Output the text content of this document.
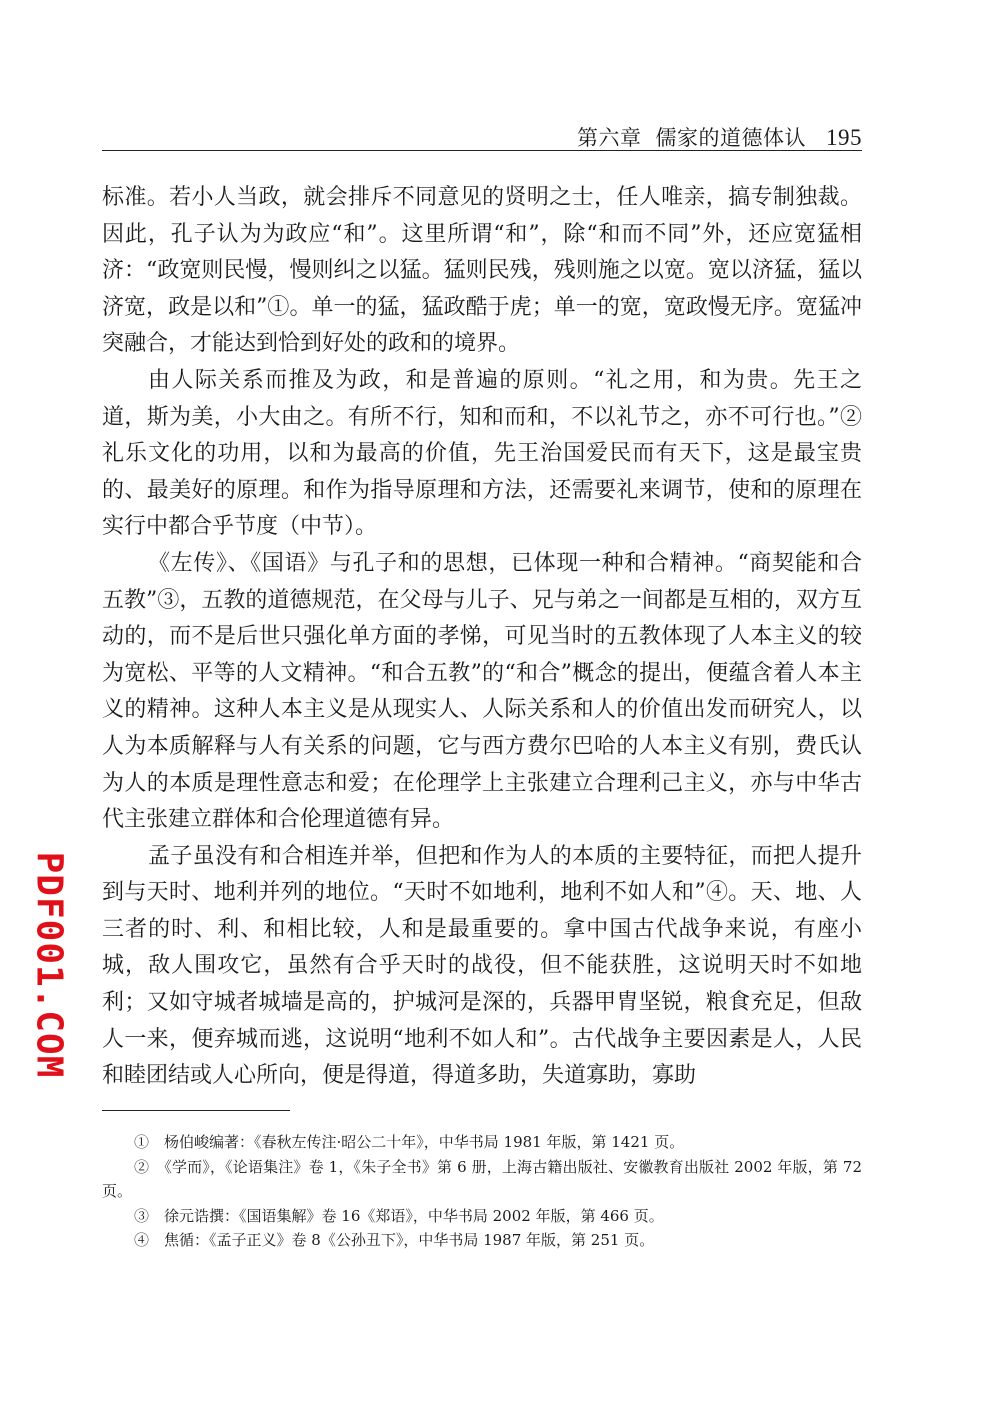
第六章 儒家的道德体认 195

标准。若小人当政，就会排斥不同意见的贤明之士，任人唯亲，搞专制独裁。因此，孔子认为为政应“和”。这里所谓“和”，除“和而不同”外，还应宽猛相济：“政宽则民慢，慢则纠之以猛。猛则民残，残则施之以宽。宽以济猛，猛以济宽，政是以和”①。单一的猛，猛政酷于虎；单一的宽，宽政慢无序。宽猛冲突融合，才能达到恰到好处的政和的境界。

由人际关系而推及为政，和是普遍的原则。“礼之用，和为贵。先王之道，斯为美，小大由之。有所不行，知和而和，不以礼节之，亦不可行也。”② 礼乐文化的功用，以和为最高的价值，先王治国爱民而有天下，这是最宝贵的、最美好的原理。和作为指导原理和方法，还需要礼来调节，使和的原理在实行中都合乎节度（中节）。

《左传》、《国语》与孔子和的思想，已体现一种和合精神。“商契能和合五教”③，五教的道德规范，在父母与儿子、兄与弟之一间都是互相的，双方互动的，而不是后世只强化单方面的孝悌，可见当时的五教体现了人本主义的较为宽松、平等的人文精神。“和合五教”的“和合”概念的提出，便蕴含着人本主义的精神。这种人本主义是从现实人、人际关系和人的价值出发而研究人，以人为本质解释与人有关系的问题，它与西方费尔巴哈的人本主义有别，费氏认为人的本质是理性意志和爱；在伦理学上主张建立合理利己主义，亦与中华古代主张建立群体和合伦理道德有异。

孟子虽没有和合相连并举，但把和作为人的本质的主要特征，而把人提升到与天时、地利并列的地位。“天时不如地利，地利不如人和”④。天、地、人三者的时、利、和相比较，人和是最重要的。拿中国古代战争来说，有座小城，敌人围攻它，虽然有合乎天时的战役，但不能获胜，这说明天时不如地利；又如守城者城墙是高的，护城河是深的，兵器甲胄坚锐，粮食充足，但敌人一来，便弃城而逃，这说明“地利不如人和”。古代战争主要因素是人，人民和睦团结或人心所向，便是得道，得道多助，失道寡助，寡助

①　杨伯峻编著：《春秋左传注·昭公二十年》，中华书局 1981 年版，第 1421 页。

②　《学而》，《论语集注》卷 1，《朱子全书》第 6 册，上海古籍出版社、安徽教育出版社 2002 年版，第 72 页。

③　徐元诰撰：《国语集解》卷 16《郑语》，中华书局 2002 年版，第 466 页。

④　焦循：《孟子正义》卷 8《公孙丑下》，中华书局 1987 年版，第 251 页。

PDF001.COM
